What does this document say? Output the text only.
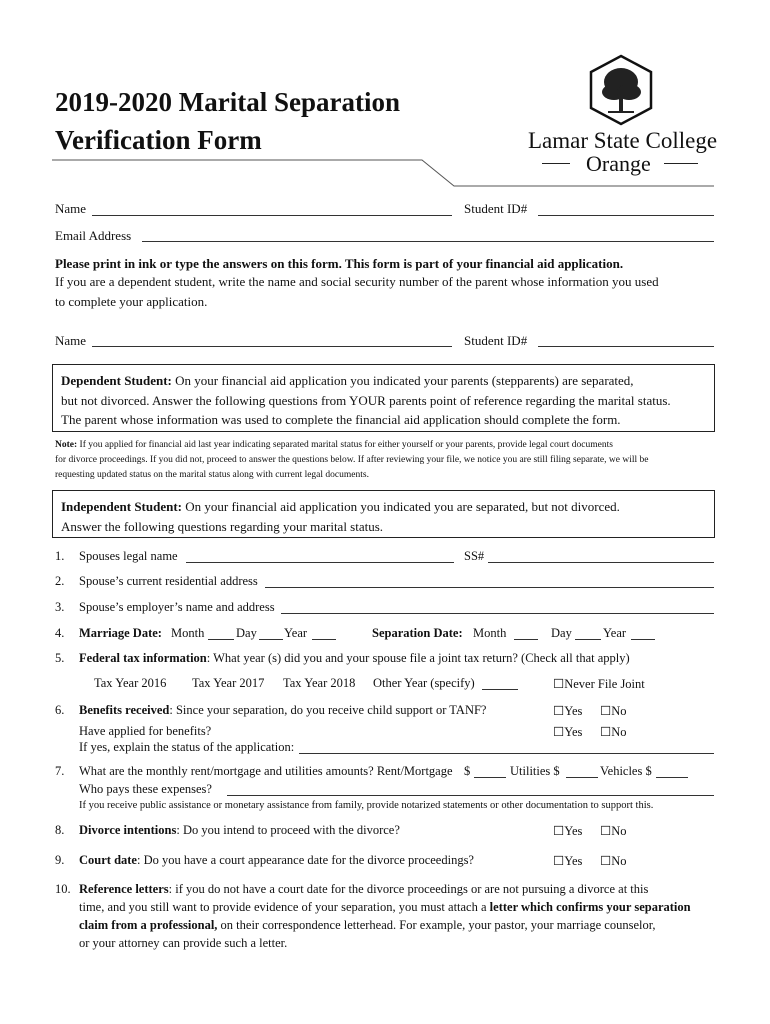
2019-2020 Marital Separation
Verification Form	Lamar State College
Orange
Name	Student ID#
Email Address
Please print in ink or type the answers on this form. This form is part of your financial aid application.
If you are a dependent student, write the name and social security number of the parent whose information you used
to complete your application.
Name	Student ID#
Dependent Student: On your financial aid application you indicated your parents (stepparents) are separated,
but not divorced. Answer the following questions from YOUR parents point of reference regarding the marital status.
The parent whose information was used to complete the financial aid application should complete the form.
Note: If you applied for financial aid last year indicating separated marital status for either yourself or your parents, provide legal court documents
for divorce proceedings. If you did not, proceed to answer the questions below. If after reviewing your file, we notice you are still filing separate, we will be
requesting updated status on the marital status along with current legal documents.
Independent Student: On your financial aid application you indicated you are separated, but not divorced.
Answer the following questions regarding your marital status.
1. Spouses legal name	SS#
2. Spouse’s current residential address
3. Spouse’s employer’s name and address
4. Marriage Date: Month	Day Year	Separation Date: Month	Day Year
5. Federal tax information: What year (s) did you and your spouse file a joint tax return? (Check all that apply)
Tax Year 2016 Tax Year 2017 Tax Year 2018 Other Year (specify)	☐Never File Joint
6. Benefits received: Since your separation, do you receive child support or TANF?	☐Yes ☐No
Have applied for benefits?	☐Yes ☐No
If yes, explain the status of the application:
7. What are the monthly rent/mortgage and utilities amounts? Rent/Mortgage $	Utilities $	Vehicles $
Who pays these expenses?
If you receive public assistance or monetary assistance from family, provide notarized statements or other documentation to support this.
8. Divorce intentions: Do you intend to proceed with the divorce?	☐Yes ☐No
9. Court date: Do you have a court appearance date for the divorce proceedings?	☐Yes ☐No
10. Reference letters: if you do not have a court date for the divorce proceedings or are not pursuing a divorce at this
time, and you still want to provide evidence of your separation, you must attach a letter which confirms your separation
claim from a professional, on their correspondence letterhead. For example, your pastor, your marriage counselor,
or your attorney can provide such a letter.
